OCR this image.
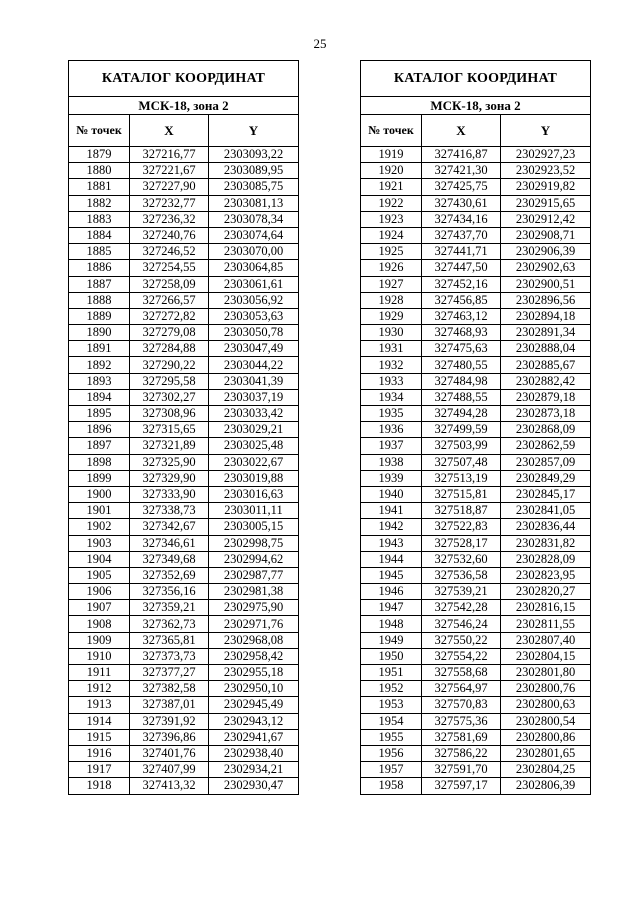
25
КАТАЛОГ КООРДИНАТ		
МСК-18, зона 2		
№ точек	X	Y
1879	327216,77	2303093,22
1880	327221,67	2303089,95
1881	327227,90	2303085,75
1882	327232,77	2303081,13
1883	327236,32	2303078,34
1884	327240,76	2303074,64
1885	327246,52	2303070,00
1886	327254,55	2303064,85
1887	327258,09	2303061,61
1888	327266,57	2303056,92
1889	327272,82	2303053,63
1890	327279,08	2303050,78
1891	327284,88	2303047,49
1892	327290,22	2303044,22
1893	327295,58	2303041,39
1894	327302,27	2303037,19
1895	327308,96	2303033,42
1896	327315,65	2303029,21
1897	327321,89	2303025,48
1898	327325,90	2303022,67
1899	327329,90	2303019,88
1900	327333,90	2303016,63
1901	327338,73	2303011,11
1902	327342,67	2303005,15
1903	327346,61	2302998,75
1904	327349,68	2302994,62
1905	327352,69	2302987,77
1906	327356,16	2302981,38
1907	327359,21	2302975,90
1908	327362,73	2302971,76
1909	327365,81	2302968,08
1910	327373,73	2302958,42
1911	327377,27	2302955,18
1912	327382,58	2302950,10
1913	327387,01	2302945,49
1914	327391,92	2302943,12
1915	327396,86	2302941,67
1916	327401,76	2302938,40
1917	327407,99	2302934,21
1918	327413,32	2302930,47
КАТАЛОГ КООРДИНАТ		
МСК-18, зона 2		
№ точек	X	Y
1919	327416,87	2302927,23
1920	327421,30	2302923,52
1921	327425,75	2302919,82
1922	327430,61	2302915,65
1923	327434,16	2302912,42
1924	327437,70	2302908,71
1925	327441,71	2302906,39
1926	327447,50	2302902,63
1927	327452,16	2302900,51
1928	327456,85	2302896,56
1929	327463,12	2302894,18
1930	327468,93	2302891,34
1931	327475,63	2302888,04
1932	327480,55	2302885,67
1933	327484,98	2302882,42
1934	327488,55	2302879,18
1935	327494,28	2302873,18
1936	327499,59	2302868,09
1937	327503,99	2302862,59
1938	327507,48	2302857,09
1939	327513,19	2302849,29
1940	327515,81	2302845,17
1941	327518,87	2302841,05
1942	327522,83	2302836,44
1943	327528,17	2302831,82
1944	327532,60	2302828,09
1945	327536,58	2302823,95
1946	327539,21	2302820,27
1947	327542,28	2302816,15
1948	327546,24	2302811,55
1949	327550,22	2302807,40
1950	327554,22	2302804,15
1951	327558,68	2302801,80
1952	327564,97	2302800,76
1953	327570,83	2302800,63
1954	327575,36	2302800,54
1955	327581,69	2302800,86
1956	327586,22	2302801,65
1957	327591,70	2302804,25
1958	327597,17	2302806,39
